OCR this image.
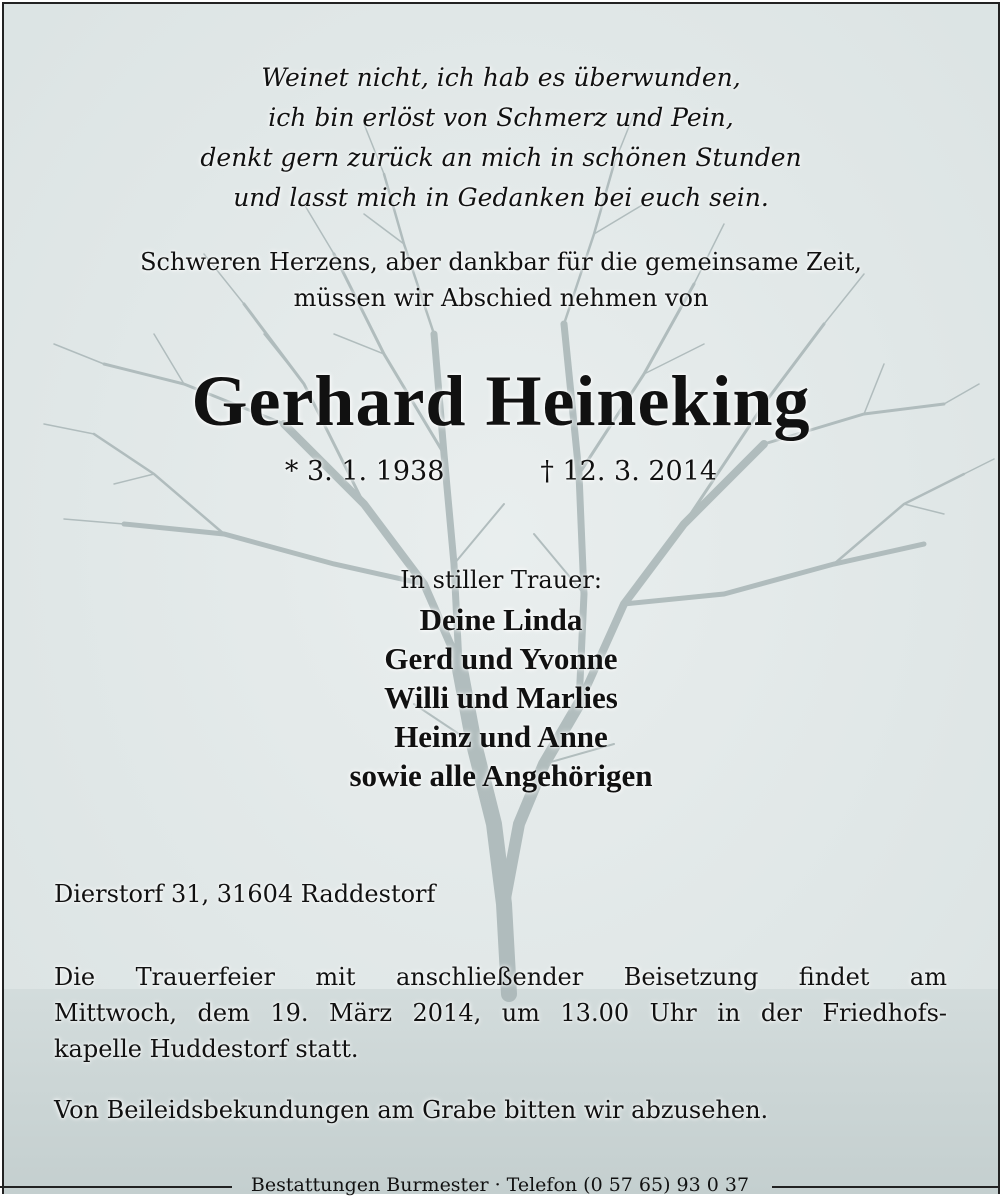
Weinet nicht, ich hab es überwunden,
ich bin erlöst von Schmerz und Pein,
denkt gern zurück an mich in schönen Stunden
und lasst mich in Gedanken bei euch sein.
Schweren Herzens, aber dankbar für die gemeinsame Zeit,
müssen wir Abschied nehmen von
Gerhard Heineking
* 3. 1. 1938	† 12. 3. 2014
In stiller Trauer:
Deine Linda
Gerd und Yvonne
Willi und Marlies
Heinz und Anne
sowie alle Angehörigen
Dierstorf 31, 31604 Raddestorf
Die Trauerfeier mit anschließender Beisetzung findet am
Mittwoch, dem 19. März 2014, um 13.00 Uhr in der Friedhofs-
kapelle Huddestorf statt.
Von Beileidsbekundungen am Grabe bitten wir abzusehen.
Bestattungen Burmester · Telefon (0 57 65) 93 0 37
